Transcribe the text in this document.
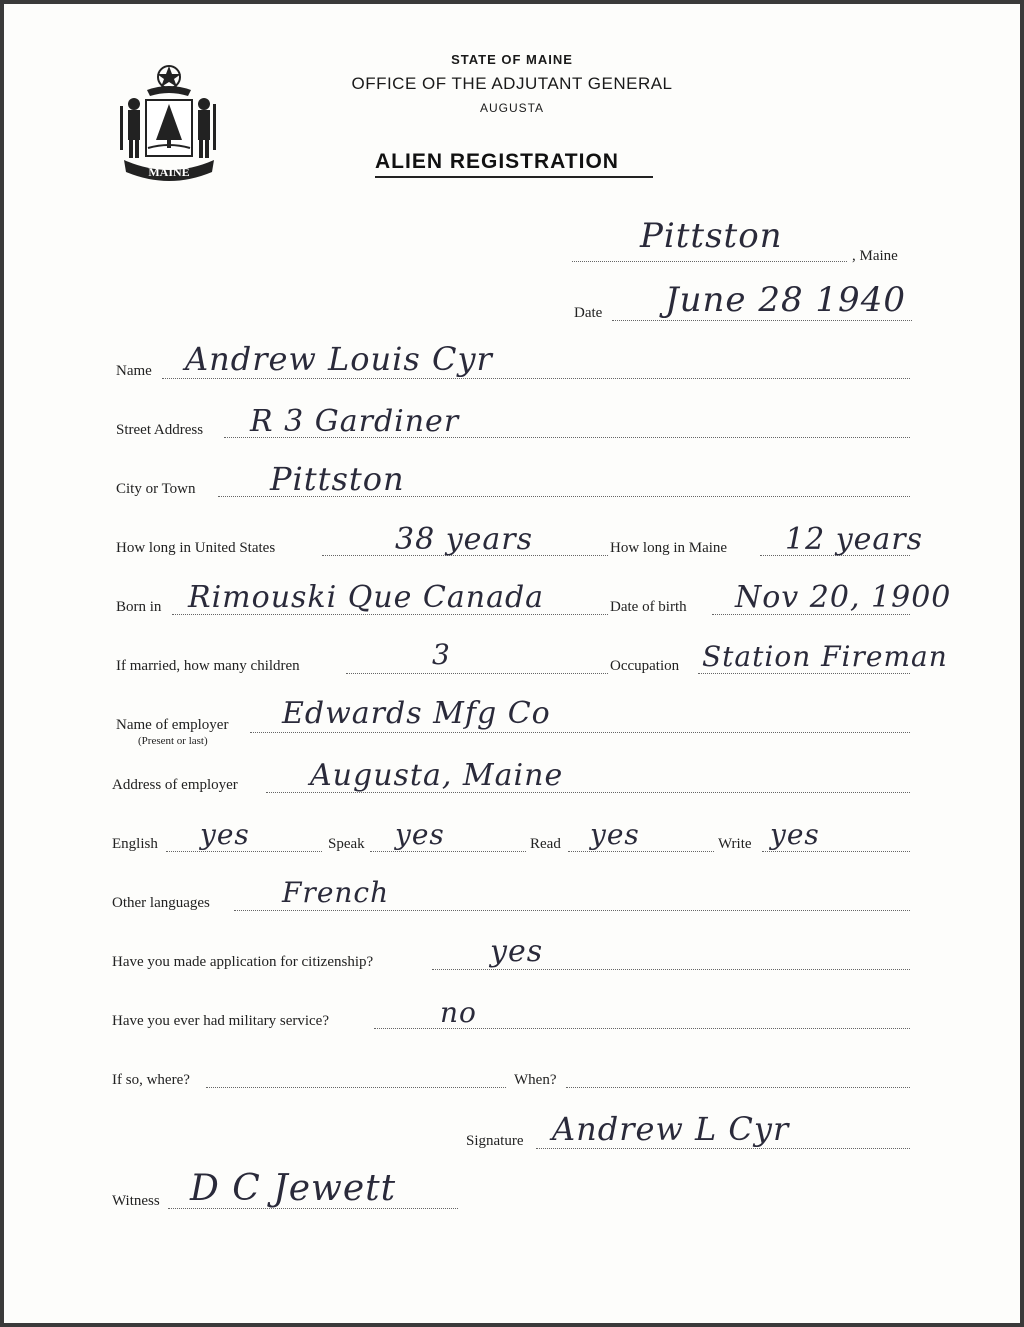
MAINE
STATE OF MAINE
OFFICE OF THE ADJUTANT GENERAL
AUGUSTA
ALIEN REGISTRATION
Pittston	, Maine
Date June 28 1940
Name Andrew Louis Cyr
Street Address R 3 Gardiner
City or Town Pittston
How long in United States	38 years	How long in Maine 12 years
Born in Rimouski Que Canada	Date of birth Nov 20, 1900
If married, how many children	3	Occupation Station Fireman
Name of employer
(Present or last)
Edwards Mfg Co
Address of employer Augusta, Maine
English yes	Speak yes	Read yes	Write yes
Other languages	French
Have you made application for citizenship?	yes
Have you ever had military service?	no
If so, where?	When?
Signature Andrew L Cyr
Witness D C Jewett
